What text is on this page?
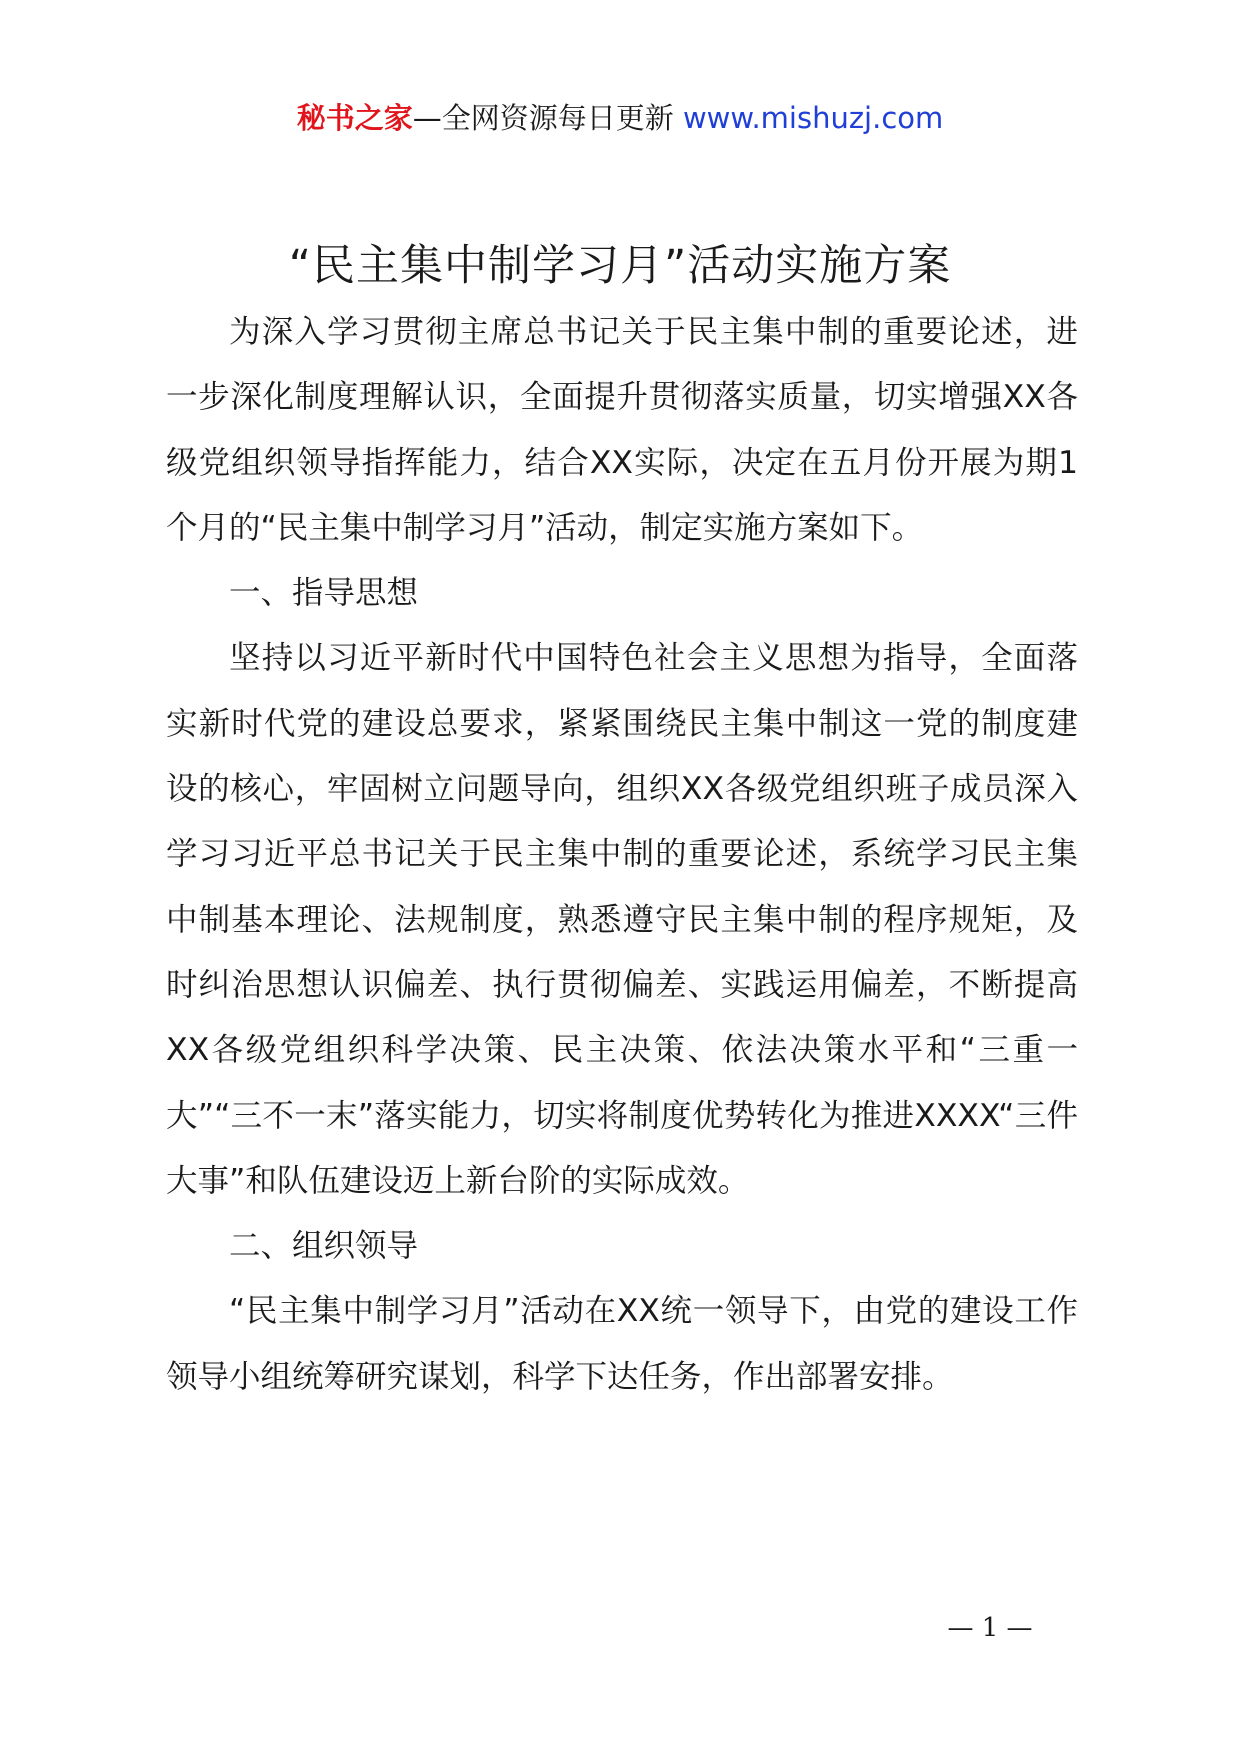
秘书之家—全网资源每日更新 www.mishuzj.com
“民主集中制学习月”活动实施方案

为深入学习贯彻主席总书记关于民主集中制的重要论述，进一步深化制度理解认识，全面提升贯彻落实质量，切实增强XX各级党组织领导指挥能力，结合XX实际，决定在五月份开展为期1个月的“民主集中制学习月”活动，制定实施方案如下。

一、指导思想

坚持以习近平新时代中国特色社会主义思想为指导，全面落实新时代党的建设总要求，紧紧围绕民主集中制这一党的制度建设的核心，牢固树立问题导向，组织XX各级党组织班子成员深入学习习近平总书记关于民主集中制的重要论述，系统学习民主集中制基本理论、法规制度，熟悉遵守民主集中制的程序规矩，及时纠治思想认识偏差、执行贯彻偏差、实践运用偏差，不断提高XX各级党组织科学决策、民主决策、依法决策水平和“三重一大”“三不一末”落实能力，切实将制度优势转化为推进XXXX“三件大事”和队伍建设迈上新台阶的实际成效。

二、组织领导

“民主集中制学习月”活动在XX统一领导下，由党的建设工作领导小组统筹研究谋划，科学下达任务，作出部署安排。

— 1 —
